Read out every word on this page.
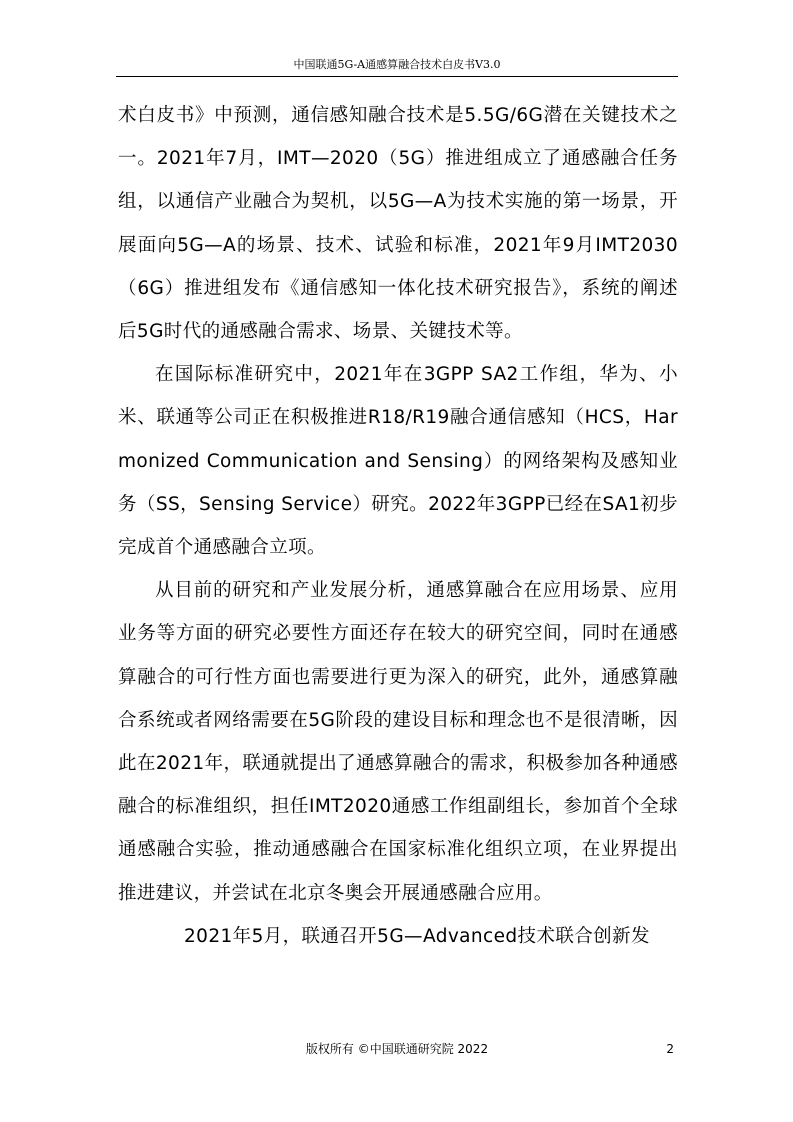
中国联通5G-A通感算融合技术白皮书V3.0

术白皮书》中预测，通信感知融合技术是5.5G/6G潜在关键技术之一。2021年7月，IMT—2020（5G）推进组成立了通感融合任务组，以通信产业融合为契机，以5G—A为技术实施的第一场景，开展面向5G—A的场景、技术、试验和标准，2021年9月IMT2030（6G）推进组发布《通信感知一体化技术研究报告》，系统的阐述后5G时代的通感融合需求、场景、关键技术等。

在国际标准研究中，2021年在3GPP SA2工作组，华为、小米、联通等公司正在积极推进R18/R19融合通信感知（HCS，Harmonized Communication and Sensing）的网络架构及感知业务（SS，Sensing Service）研究。2022年3GPP已经在SA1初步完成首个通感融合立项。

从目前的研究和产业发展分析，通感算融合在应用场景、应用业务等方面的研究必要性方面还存在较大的研究空间，同时在通感算融合的可行性方面也需要进行更为深入的研究，此外，通感算融合系统或者网络需要在5G阶段的建设目标和理念也不是很清晰，因此在2021年，联通就提出了通感算融合的需求，积极参加各种通感融合的标准组织，担任IMT2020通感工作组副组长，参加首个全球通感融合实验，推动通感融合在国家标准化组织立项，在业界提出推进建议，并尝试在北京冬奥会开展通感融合应用。

2021年5月，联通召开5G—Advanced技术联合创新发

版权所有 ©中国联通研究院 2022	2
